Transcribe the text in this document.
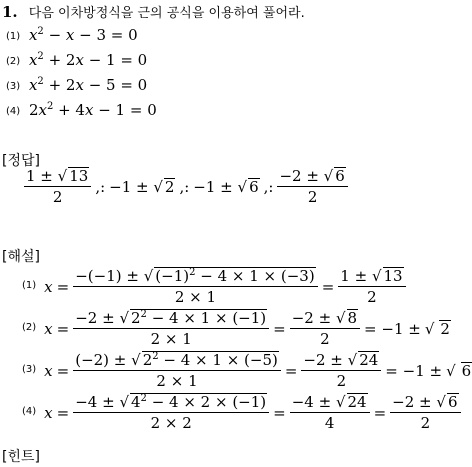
1. 다음 이차방정식을 근의 공식을 이용하여 풀어라.
(1) $x^2 - x - 3 = 0$
(2) $x^2 + 2x - 1 = 0$
(3) $x^2 + 2x - 5 = 0$
(4) $2x^2 + 4x - 1 = 0$
[정답]
$\frac{1 \pm √ 13}{2}$ ,: −1 ± √ 2 ,: −1 ± √ 6 ,: $\frac{-2 \pm √ 6}{2}$
[해설]
(1) $x = \frac{-(-1) \pm √ (-1)^2 - 4 \times 1 \times (-3)}{2 \times 1} = \frac{1 \pm √ 13}{2}$
(2) $x = \frac{-2 \pm √ 2^2 - 4 \times 1 \times (-1)}{2 \times 1} = \frac{-2 \pm √ 8}{2} = -1$ ± √ 2
(3) $x = \frac{(-2) \pm √ 2^2 - 4 \times 1 \times (-5)}{2 \times 1} = \frac{-2 \pm √ 24}{2} = -1$ ± √ 6
(4) $x = \frac{-4 \pm √ 4^2 - 4 \times 2 \times (-1)}{2 \times 2} = \frac{-4 \pm √ 24}{4} = \frac{-2 \pm √ 6}{2}$
[힌트]
